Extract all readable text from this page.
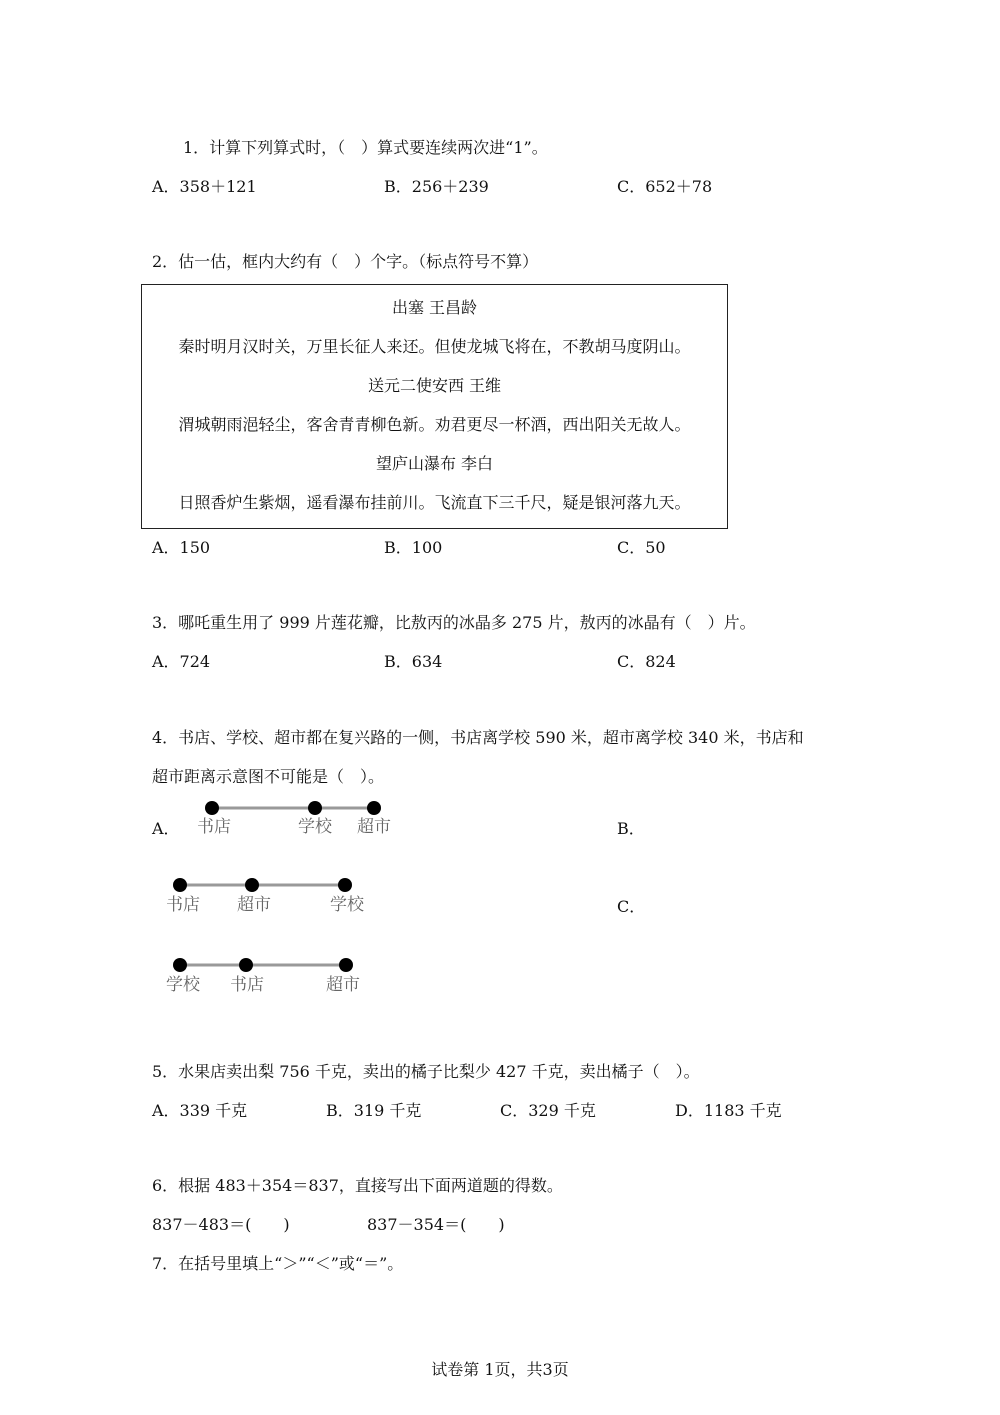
1．计算下列算式时，（　）算式要连续两次进“1”。
A．358＋121	B．256＋239	C．652＋78
2．估一估，框内大约有（　）个字。（标点符号不算）
出塞 王昌龄
秦时明月汉时关，万里长征人来还。但使龙城飞将在，不教胡马度阴山。
送元二使安西 王维
渭城朝雨浥轻尘，客舍青青柳色新。劝君更尽一杯酒，西出阳关无故人。
望庐山瀑布 李白
日照香炉生紫烟，遥看瀑布挂前川。飞流直下三千尺，疑是银河落九天。
A．150	B．100	C．50
3．哪吒重生用了 999 片莲花瓣，比敖丙的冰晶多 275 片，敖丙的冰晶有（　）片。
A．724	B．634	C．824
4．书店、学校、超市都在复兴路的一侧，书店离学校 590 米，超市离学校 340 米，书店和
超市距离示意图不可能是（　）。
A．	B．
C．
书店	学校 超市
书店 超市	学校
学校 书店	超市
5．水果店卖出梨 756 千克，卖出的橘子比梨少 427 千克，卖出橘子（　）。
A．339 千克	B．319 千克	C．329 千克	D．1183 千克
6．根据 483＋354＝837，直接写出下面两道题的得数。
837－483＝(　　)	837－354＝(　　)
7．在括号里填上“＞”“＜”或“＝”。
试卷第 1页，共3页
